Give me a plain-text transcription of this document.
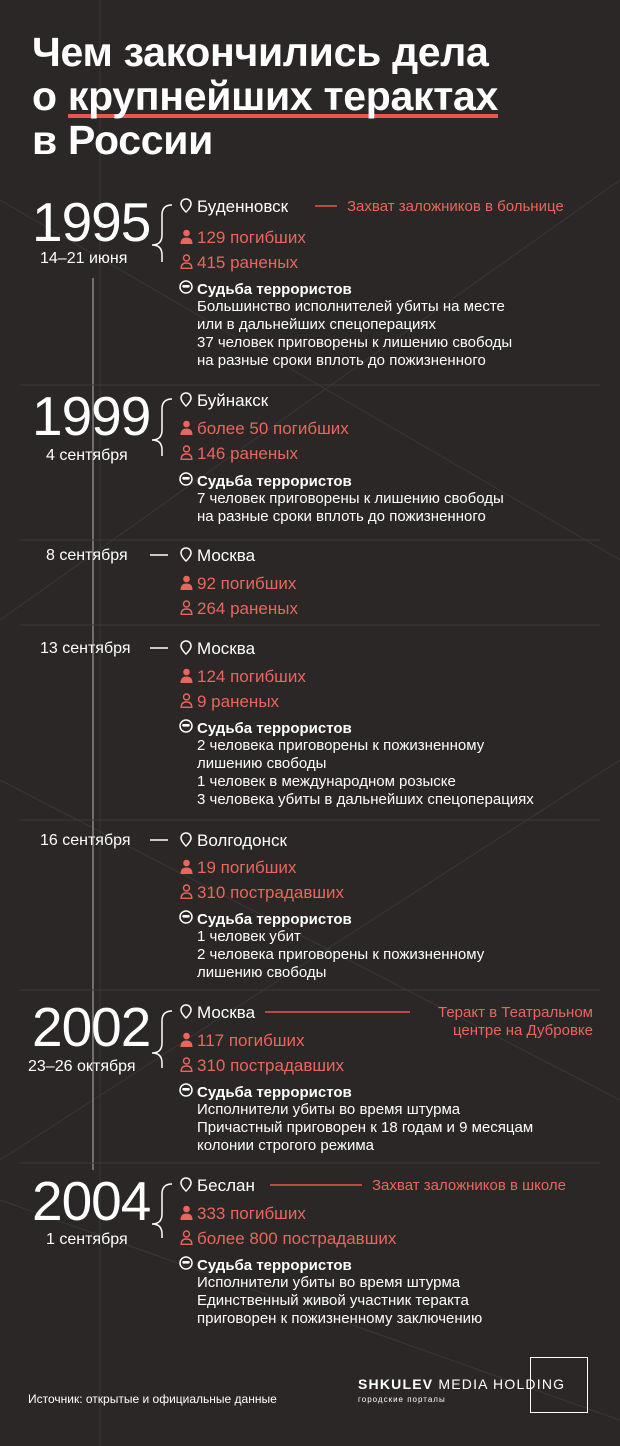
Чем закончились дела
о крупнейших терактах
в России
1995
14–21 июня
Буденновск	Захват заложников в больнице
129 погибших
415 раненых
Судьба террористов
Большинство исполнителей убиты на месте
или в дальнейших спецоперациях
37 человек приговорены к лишению свободы
на разные сроки вплоть до пожизненного
1999
4 сентября
Буйнакск
более 50 погибших
146 раненых
Судьба террористов
7 человек приговорены к лишению свободы
на разные сроки вплоть до пожизненного
8 сентября	Москва
92 погибших
264 раненых
13 сентября	Москва
124 погибших
9 раненых
Судьба террористов
2 человека приговорены к пожизненному
лишению свободы
1 человек в международном розыске
3 человека убиты в дальнейших спецоперациях
16 сентября	Волгодонск
19 погибших
310 пострадавших
Судьба террористов
1 человек убит
2 человека приговорены к пожизненному
лишению свободы
2002
23–26 октября
Москва	Теракт в Театральном
центре на Дубровке
117 погибших
310 пострадавших
Судьба террористов
Исполнители убиты во время штурма
Причастный приговорен к 18 годам и 9 месяцам
колонии строгого режима
2004
1 сентября
Беслан	Захват заложников в школе
333 погибших
более 800 пострадавших
Судьба террористов
Исполнители убиты во время штурма
Единственный живой участник теракта
приговорен к пожизненному заключению
Источник: открытые и официальные данные
SHKULEV MEDIA HOLDING
городские порталы
